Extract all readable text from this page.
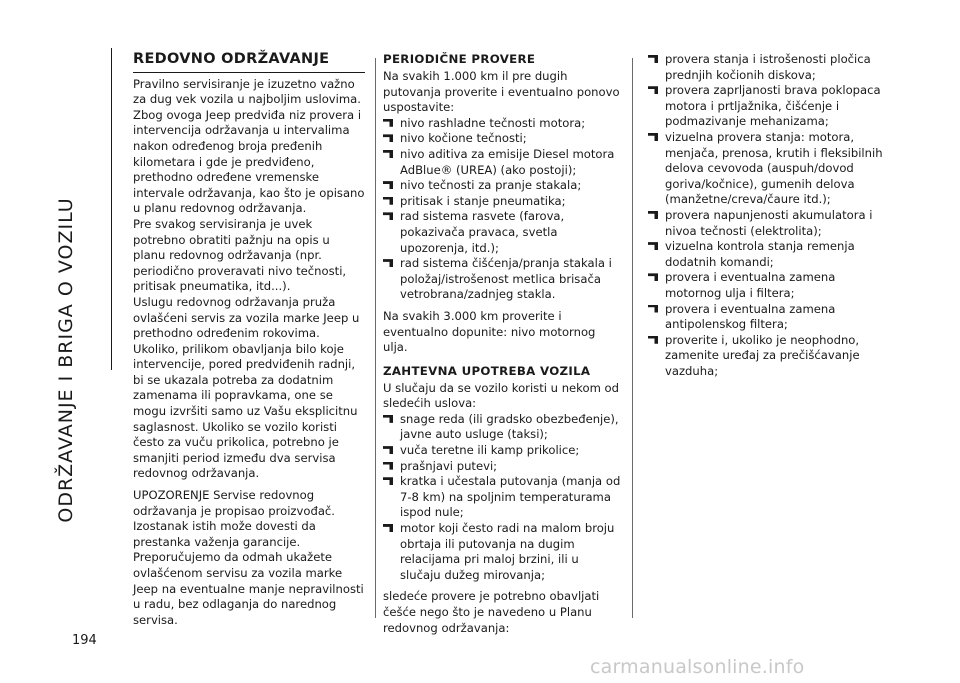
ODRŽAVANJE I BRIGA O VOZILU
194
REDOVNO ODRŽAVANJE

Pravilno servisiranje je izuzetno važno za dug vek vozila u najboljim uslovima. Zbog ovoga Jeep predviđa niz provera i intervencija održavanja u intervalima nakon određenog broja pređenih kilometara i gde je predviđeno, prethodno određene vremenske intervale održavanja, kao što je opisano u planu redovnog održavanja.

Pre svakog servisiranja je uvek potrebno obratiti pažnju na opis u planu redovnog održavanja (npr. periodično proveravati nivo tečnosti, pritisak pneumatika, itd...).

Uslugu redovnog održavanja pruža ovlašćeni servis za vozila marke Jeep u prethodno određenim rokovima. Ukoliko, prilikom obavljanja bilo koje intervencije, pored predviđenih radnji, bi se ukazala potreba za dodatnim zamenama ili popravkama, one se mogu izvršiti samo uz Vašu eksplicitnu saglasnost. Ukoliko se vozilo koristi često za vuču prikolica, potrebno je smanjiti period između dva servisa redovnog održavanja.

UPOZORENJE Servise redovnog održavanja je propisao proizvođač. Izostanak istih može dovesti da prestanka važenja garancije. Preporučujemo da odmah ukažete ovlašćenom servisu za vozila marke Jeep na eventualne manje nepravilnosti u radu, bez odlaganja do narednog servisa.

PERIODIČNE PROVERE

Na svakih 1.000 km il pre dugih putovanja proverite i eventualno ponovo uspostavite:

nivo rashladne tečnosti motora;
nivo kočione tečnosti;
nivo aditiva za emisije Diesel motora AdBlue® (UREA) (ako postoji);
nivo tečnosti za pranje stakala;
pritisak i stanje pneumatika;
rad sistema rasvete (farova, pokazivača pravaca, svetla upozorenja, itd.);
rad sistema čišćenja/pranja stakala i položaj/istrošenost metlica brisača vetrobrana/zadnjeg stakla.

Na svakih 3.000 km proverite i eventualno dopunite: nivo motornog ulja.

ZAHTEVNA UPOTREBA VOZILA

U slučaju da se vozilo koristi u nekom od sledećih uslova:

snage reda (ili gradsko obezbeđenje), javne auto usluge (taksi);
vuča teretne ili kamp prikolice;
prašnjavi putevi;
kratka i učestala putovanja (manja od 7-8 km) na spoljnim temperaturama ispod nule;
motor koji često radi na malom broju obrtaja ili putovanja na dugim relacijama pri maloj brzini, ili u slučaju dužeg mirovanja;

sledeće provere je potrebno obavljati češće nego što je navedeno u Planu redovnog održavanja:

provera stanja i istrošenosti pločica prednjih kočionih diskova;
provera zaprljanosti brava poklopaca motora i prtljažnika, čišćenje i podmazivanje mehanizama;
vizuelna provera stanja: motora, menjača, prenosa, krutih i fleksibilnih delova cevovoda (auspuh/dovod goriva/kočnice), gumenih delova (manžetne/creva/čaure itd.);
provera napunjenosti akumulatora i nivoa tečnosti (elektrolita);
vizuelna kontrola stanja remenja dodatnih komandi;
provera i eventualna zamena motornog ulja i filtera;
provera i eventualna zamena antipolenskog filtera;
proverite i, ukoliko je neophodno, zamenite uređaj za prečišćavanje vazduha;
carmanualsonline.info
